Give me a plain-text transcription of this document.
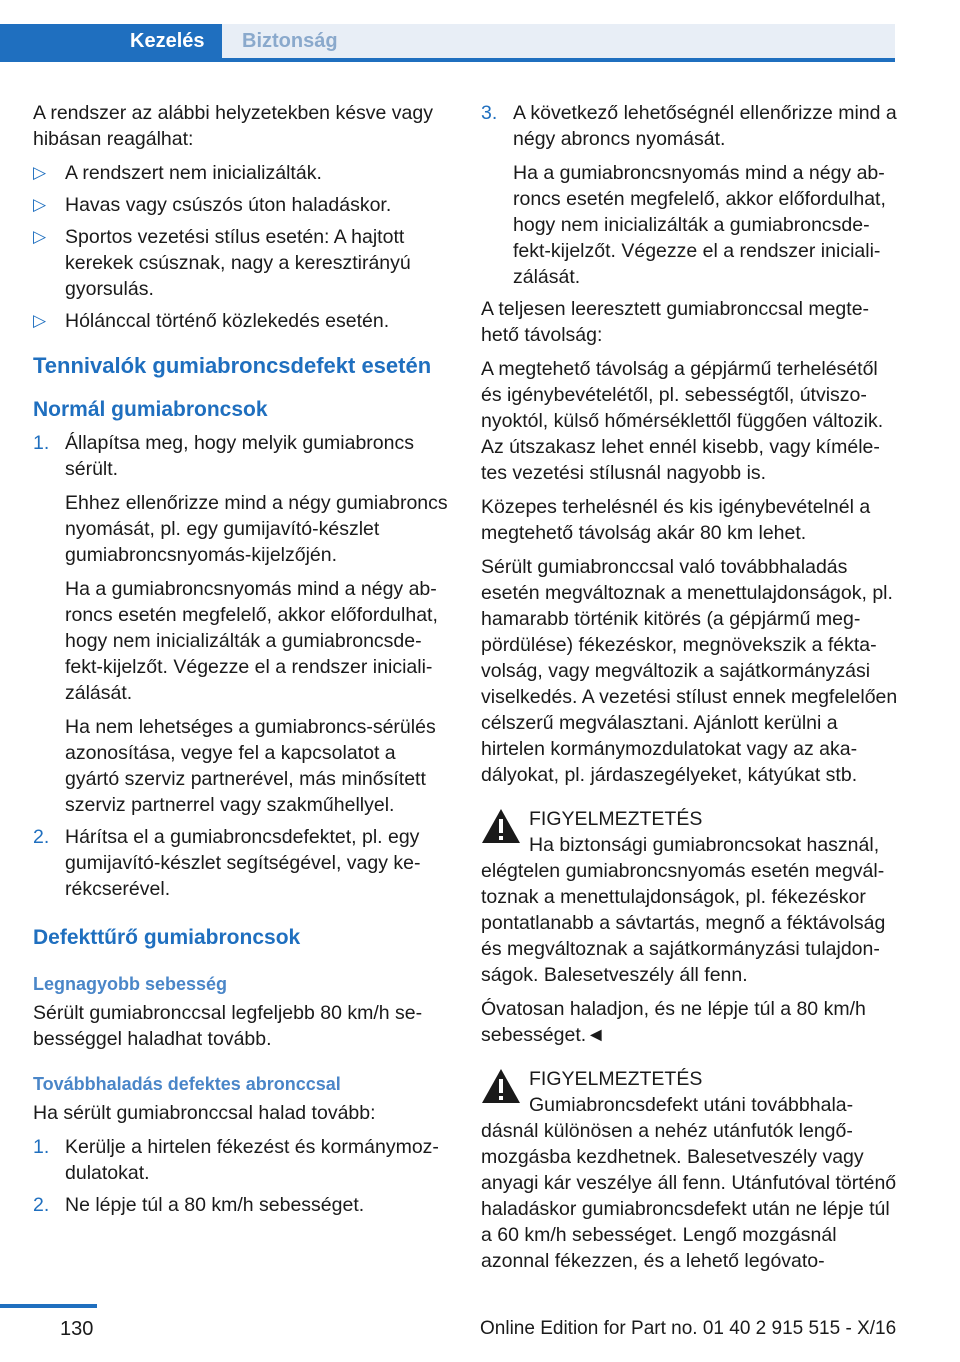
Kezelés	Biztonság

A rendszer az alábbi helyzetekben késve vagy hibásan reagálhat:

▷ A rendszert nem inicializálták.
▷ Havas vagy csúszós úton haladáskor.
▷ Sportos vezetési stílus esetén: A hajtott kerekek csúsznak, nagy a keresztirányú gyorsulás.
▷ Hólánccal történő közlekedés esetén.
Tennivalók gumiabroncsdefekt esetén
Normál gumiabroncsok
1. Állapítsa meg, hogy melyik gumiabroncs sérült.

Ehhez ellenőrizze mind a négy gumiabroncs nyomását, pl. egy gumijavító-készlet gumiabroncsnyomás-kijelzőjén.

Ha a gumiabroncsnyomás mind a négy abroncs esetén megfelelő, akkor előfordulhat, hogy nem inicializálták a gumiabroncsdefekt-kijelzőt. Végezze el a rendszer inicializálását.

Ha nem lehetséges a gumiabroncs-sérülés azonosítása, vegye fel a kapcsolatot a gyártó szerviz partnerével, más minősített szerviz partnerrel vagy szakműhellyel.

2. Hárítsa el a gumiabroncsdefektet, pl. egy gumijavító-készlet segítségével, vagy kerékcserével.

Defekttűrő gumiabroncsok
Legnagyobb sebesség

Sérült gumiabronccsal legfeljebb 80 km/h sebességgel haladhat tovább.

Továbbhaladás defektes abronccsal

Ha sérült gumiabronccsal halad tovább:

1. Kerülje a hirtelen fékezést és kormánymozdulatokat.
2. Ne lépje túl a 80 km/h sebességet.
3. A következő lehetőségnél ellenőrizze mind a négy abroncs nyomását.

Ha a gumiabroncsnyomás mind a négy abroncs esetén megfelelő, akkor előfordulhat, hogy nem inicializálták a gumiabroncsdefekt-kijelzőt. Végezze el a rendszer inicializálását.

A teljesen leeresztett gumiabronccsal megtehető távolság:

A megtehető távolság a gépjármű terhelésétől és igénybevételétől, pl. sebességtől, útviszonyoktól, külső hőmérséklettől függően változik. Az útszakasz lehet ennél kisebb, vagy kíméletes vezetési stílusnál nagyobb is.

Közepes terhelésnél és kis igénybevételnél a megtehető távolság akár 80 km lehet.

Sérült gumiabronccsal való továbbhaladás esetén megváltoznak a menettulajdonságok, pl. hamarabb történik kitörés (a gépjármű megpördülése) fékezéskor, megnövekszik a féktavolság, vagy megváltozik a sajátkormányzási viselkedés. A vezetési stílust ennek megfelelően célszerű megválasztani. Ajánlott kerülni a hirtelen kormánymozdulatokat vagy az akadályokat, pl. járdaszegélyeket, kátyúkat stb.

FIGYELMEZTETÉS

Ha biztonsági gumiabroncsokat használ, elégtelen gumiabroncsnyomás esetén megváltoznak a menettulajdonságok, pl. fékezéskor pontatlanabb a sávtartás, megnő a féktávolság és megváltoznak a sajátkormányzási tulajdonságok. Balesetveszély áll fenn.

Óvatosan haladjon, és ne lépje túl a 80 km/h sebességet.◄

FIGYELMEZTETÉS

Gumiabroncsdefekt utáni továbbhaladásnál különösen a nehéz utánfutók lengőmozgásba kezdhetnek. Balesetveszély vagy anyagi kár veszélye áll fenn. Utánfutóval történő haladáskor gumiabroncsdefekt után ne lépje túl a 60 km/h sebességet. Lengő mozgásnál azonnal fékezzen, és a lehető legóvato-

130	Online Edition for Part no. 01 40 2 915 515 - X/16
